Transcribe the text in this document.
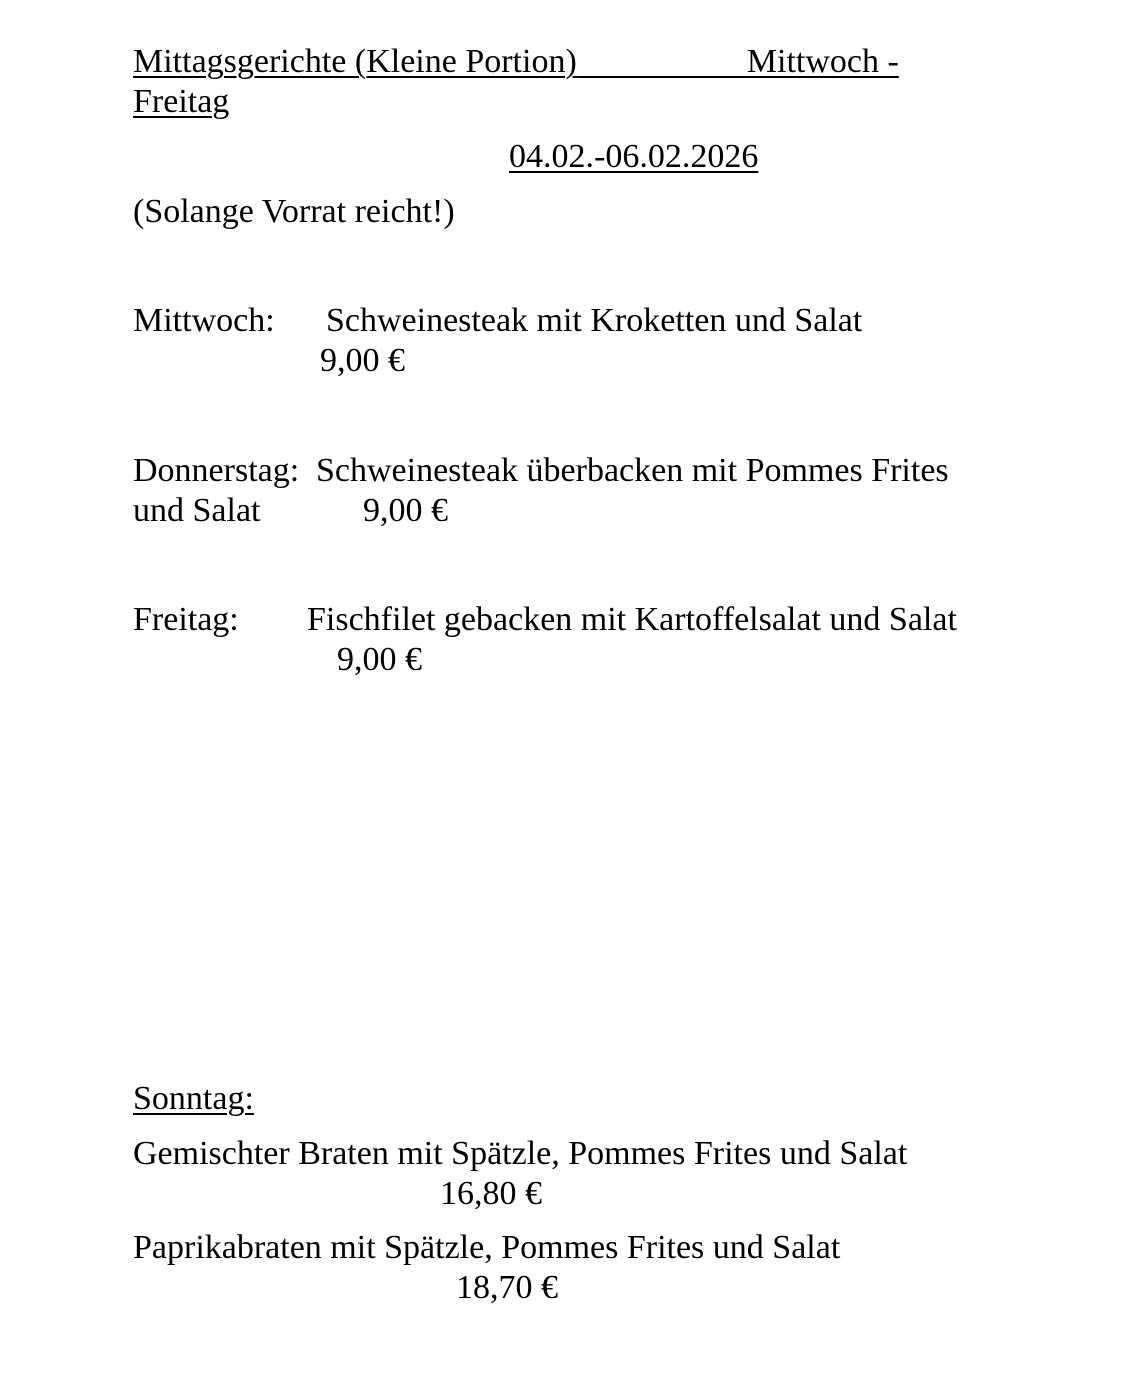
Mittagsgerichte (Kleine Portion)	Mittwoch -
Freitag
04.02.-06.02.2026
(Solange Vorrat reicht!)
Mittwoch: Schweinesteak mit Kroketten und Salat
9,00 €
Donnerstag: Schweinesteak überbacken mit Pommes Frites
und Salat	9,00 €
Freitag: Fischfilet gebacken mit Kartoffelsalat und Salat
9,00 €
Sonntag:
Gemischter Braten mit Spätzle, Pommes Frites und Salat
16,80 €
Paprikabraten mit Spätzle, Pommes Frites und Salat
18,70 €
